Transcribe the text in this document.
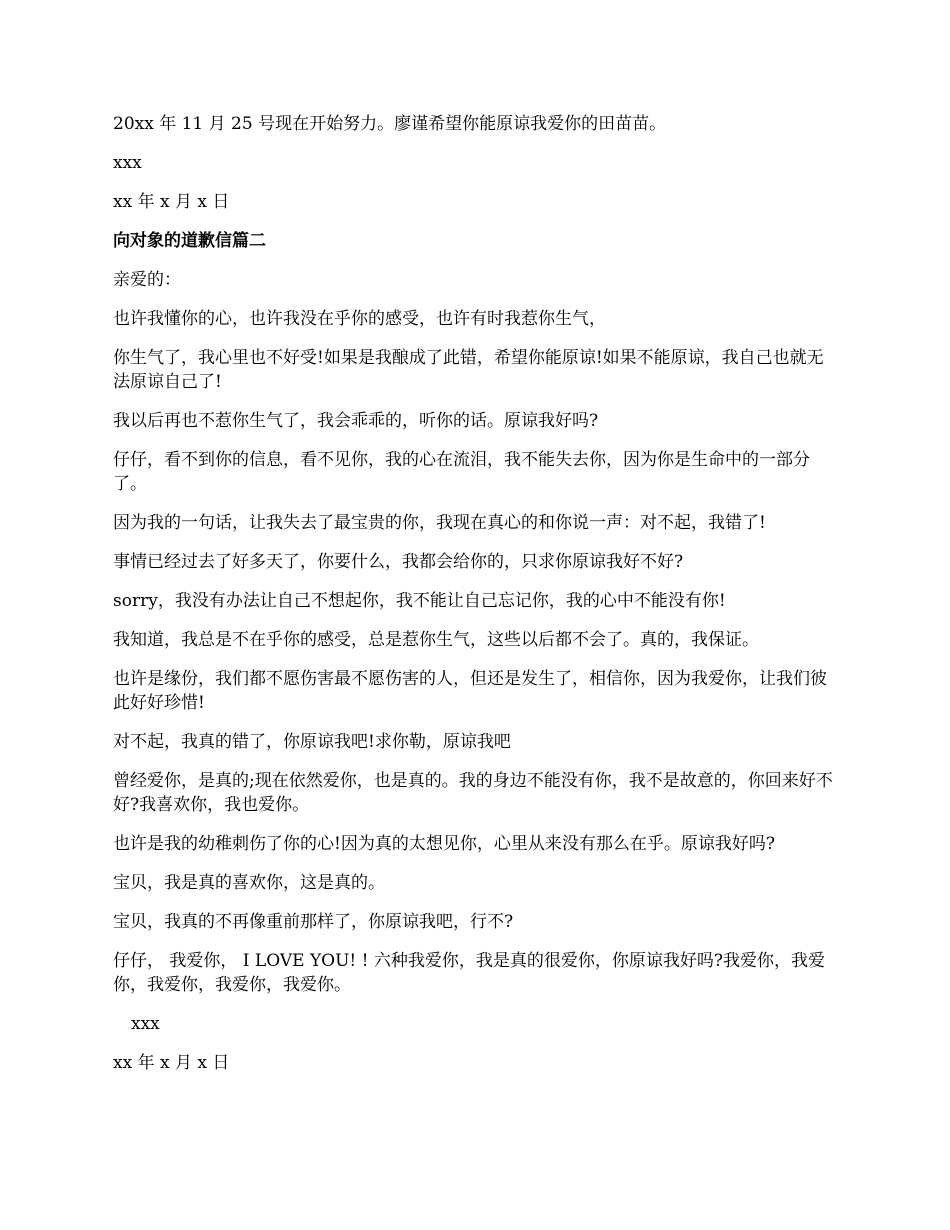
20xx 年 11 月 25 号现在开始努力。廖谨希望你能原谅我爱你的田苗苗。

xxx

xx 年 x 月 x 日

向对象的道歉信篇二

亲爱的：

也许我懂你的心，也许我没在乎你的感受，也许有时我惹你生气，

你生气了，我心里也不好受!如果是我酿成了此错，希望你能原谅!如果不能原谅，我自己也就无法原谅自己了!

我以后再也不惹你生气了，我会乖乖的，听你的话。原谅我好吗?

仔仔，看不到你的信息，看不见你，我的心在流泪，我不能失去你，因为你是生命中的一部分了。

因为我的一句话，让我失去了最宝贵的你，我现在真心的和你说一声：对不起，我错了!

事情已经过去了好多天了，你要什么，我都会给你的，只求你原谅我好不好?

sorry，我没有办法让自己不想起你，我不能让自己忘记你，我的心中不能没有你!

我知道，我总是不在乎你的感受，总是惹你生气，这些以后都不会了。真的，我保证。

也许是缘份，我们都不愿伤害最不愿伤害的人，但还是发生了，相信你，因为我爱你，让我们彼此好好珍惜!

对不起，我真的错了，你原谅我吧!求你勒，原谅我吧

曾经爱你，是真的;现在依然爱你，也是真的。我的身边不能没有你，我不是故意的，你回来好不好?我喜欢你，我也爱你。

也许是我的幼稚刺伤了你的心!因为真的太想见你，心里从来没有那么在乎。原谅我好吗?

宝贝，我是真的喜欢你，这是真的。

宝贝，我真的不再像重前那样了，你原谅我吧，行不?

仔仔， 我爱你， I LOVE YOU! ! 六种我爱你，我是真的很爱你，你原谅我好吗?我爱你，我爱你，我爱你，我爱你，我爱你。

xxx

xx 年 x 月 x 日
